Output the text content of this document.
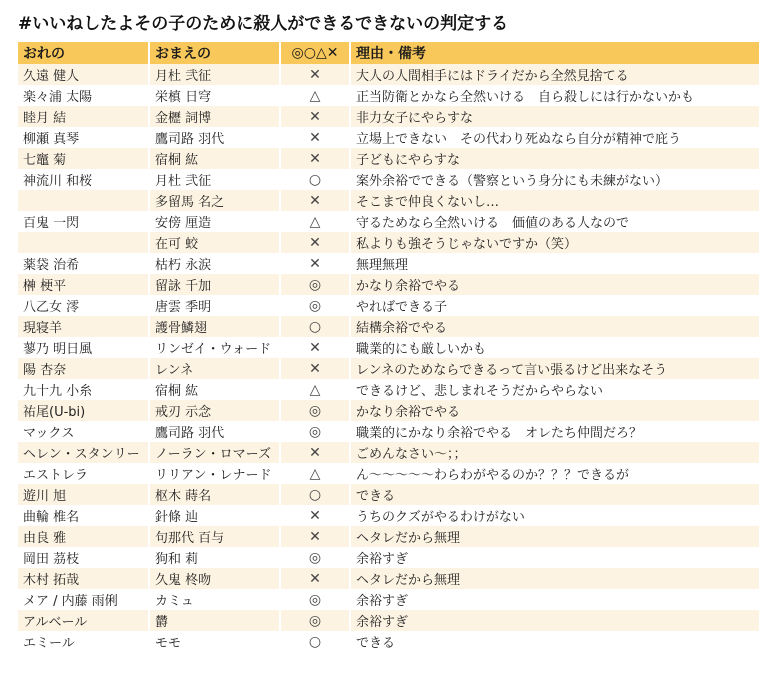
#いいねしたよその子のために殺人ができるできないの判定する
おれの	おまえの	◎○△✕	理由・備考
久遠 健人	月杜 弐征	✕	大人の人間相手にはドライだから全然見捨てる
楽々浦 太陽	栄槙 日穹	△	正当防衛とかなら全然いける　自ら殺しには行かないかも
睦月 結	金櫪 詞博	✕	非力女子にやらすな
柳瀬 真琴	鷹司路 羽代	✕	立場上できない　その代わり死ぬなら自分が精神で庇う
七竈 菊	宿桐 紘	✕	子どもにやらすな
神流川 和桜	月杜 弐征	○	案外余裕でできる（警察という身分にも未練がない）
	多留馬 名之	✕	そこまで仲良くないし…
百鬼 一閃	安傍 厘造	△	守るためなら全然いける　価値のある人なので
	在可 蛟	✕	私よりも強そうじゃないですか（笑）
薬袋 治希	枯朽 永涙	✕	無理無理
榊 梗平	留詠 千加	◎	かなり余裕でやる
八乙女 澪	唐雲 季明	◎	やればできる子
現寝羊	護骨鱗翅	○	結構余裕でやる
蓼乃 明日風	リンゼイ・ウォード	✕	職業的にも厳しいかも
陽 杏奈	レンネ	✕	レンネのためならできるって言い張るけど出来なそう
九十九 小糸	宿桐 紘	△	できるけど、悲しまれそうだからやらない
祐尾(U-bi)	戒刃 示念	◎	かなり余裕でやる
マックス	鷹司路 羽代	◎	職業的にかなり余裕でやる　オレたち仲間だろ？
ヘレン・スタンリー	ノーラン・ロマーズ	✕	ごめんなさい〜；；
エストレラ	リリアン・レナード	△	ん〜〜〜〜〜わらわがやるのか？？？できるが
遊川 旭	枢木 蒔名	○	できる
曲輪 椎名	針條 辿	✕	うちのクズがやるわけがない
由良 雅	句那代 百与	✕	ヘタレだから無理
岡田 茘枝	狗和 莉	◎	余裕すぎ
木村 拓哉	久鬼 柊吻	✕	ヘタレだから無理
メア / 内藤 雨俐	カミュ	◎	余裕すぎ
アルベール	欝	◎	余裕すぎ
エミール	モモ	○	できる
